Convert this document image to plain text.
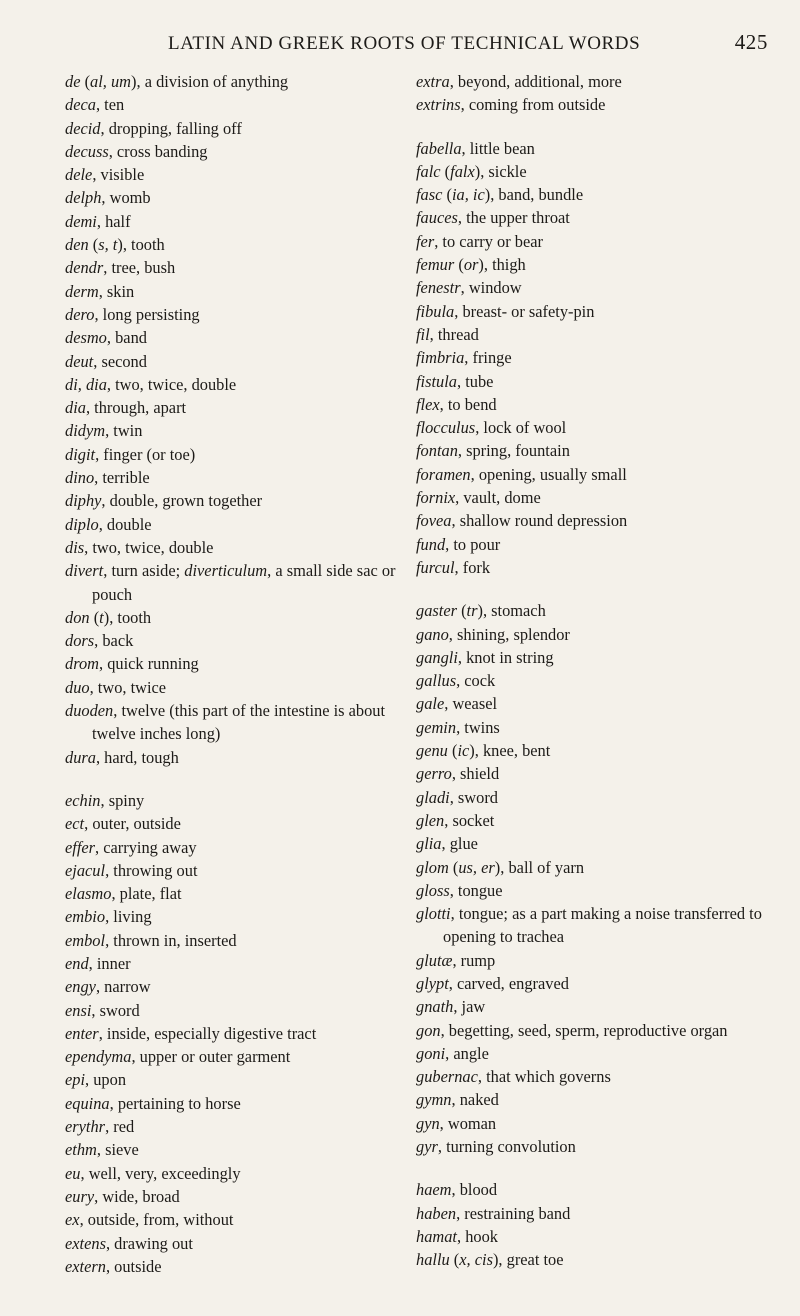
LATIN AND GREEK ROOTS OF TECHNICAL WORDS	425
de (al, um), a division of anything
deca, ten
decid, dropping, falling off
decuss, cross banding
dele, visible
delph, womb
demi, half
den (s, t), tooth
dendr, tree, bush
derm, skin
dero, long persisting
desmo, band
deut, second
di, dia, two, twice, double
dia, through, apart
didym, twin
digit, finger (or toe)
dino, terrible
diphy, double, grown together
diplo, double
dis, two, twice, double
divert, turn aside; diverticulum, a small side sac or pouch
don (t), tooth
dors, back
drom, quick running
duo, two, twice
duoden, twelve (this part of the intestine is about twelve inches long)
dura, hard, tough
echin, spiny
ect, outer, outside
effer, carrying away
ejacul, throwing out
elasmo, plate, flat
embio, living
embol, thrown in, inserted
end, inner
engy, narrow
ensi, sword
enter, inside, especially digestive tract
ependyma, upper or outer garment
epi, upon
equina, pertaining to horse
erythr, red
ethm, sieve
eu, well, very, exceedingly
eury, wide, broad
ex, outside, from, without
extens, drawing out
extern, outside
extra, beyond, additional, more
extrins, coming from outside
fabella, little bean
falc (falx), sickle
fasc (ia, ic), band, bundle
fauces, the upper throat
fer, to carry or bear
femur (or), thigh
fenestr, window
fibula, breast- or safety-pin
fil, thread
fimbria, fringe
fistula, tube
flex, to bend
flocculus, lock of wool
fontan, spring, fountain
foramen, opening, usually small
fornix, vault, dome
fovea, shallow round depression
fund, to pour
furcul, fork
gaster (tr), stomach
gano, shining, splendor
gangli, knot in string
gallus, cock
gale, weasel
gemin, twins
genu (ic), knee, bent
gerro, shield
gladi, sword
glen, socket
glia, glue
glom (us, er), ball of yarn
gloss, tongue
glotti, tongue; as a part making a noise transferred to opening to trachea
glutæ, rump
glypt, carved, engraved
gnath, jaw
gon, begetting, seed, sperm, reproductive organ
goni, angle
gubernac, that which governs
gymn, naked
gyn, woman
gyr, turning convolution
haem, blood
haben, restraining band
hamat, hook
hallu (x, cis), great toe
